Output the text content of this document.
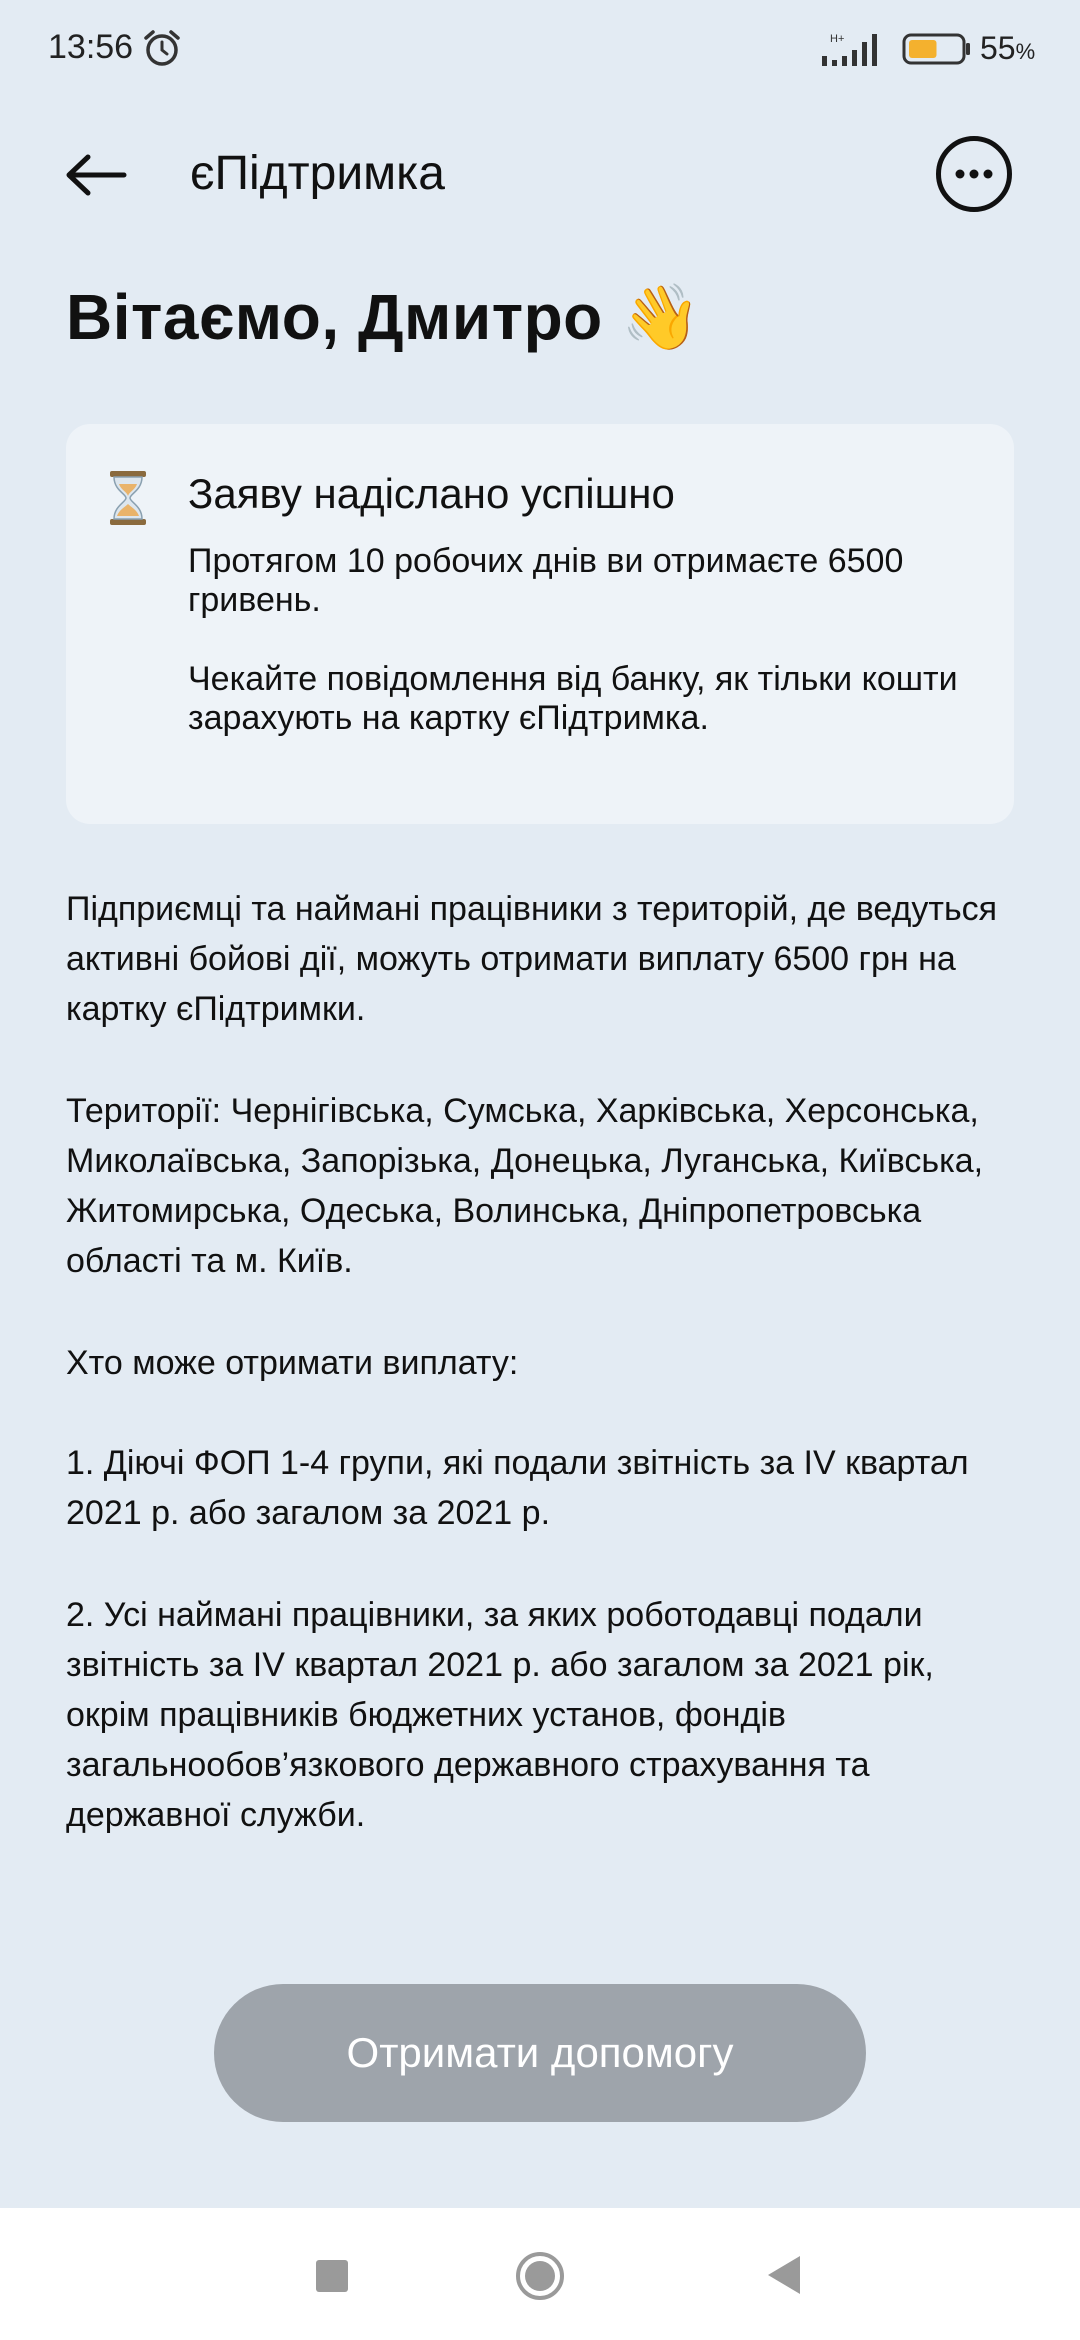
13:56	H+	55%
єПідтримка
Вітаємо, Дмитро 👋
Заяву надіслано успішно
Протягом 10 робочих днів ви отримаєте 6500 гривень.
Чекайте повідомлення від банку, як тільки кошти зарахують на картку єПідтримка.
Підприємці та наймані працівники з територій, де ведуться активні бойові дії, можуть отримати виплату 6500 грн на картку єПідтримки.
Території: Чернігівська, Сумська, Харківська, Херсонська, Миколаївська, Запорізька, Донецька, Луганська, Київська, Житомирська, Одеська, Волинська, Дніпропетровська області та м. Київ.
Хто може отримати виплату:
1. Діючі ФОП 1-4 групи, які подали звітність за IV квартал 2021 р. або загалом за 2021 р.
2. Усі наймані працівники, за яких роботодавці подали звітність за IV квартал 2021 р. або загалом за 2021 рік, окрім працівників бюджетних установ, фондів загальнообов’язкового державного страхування та державної служби.
Отримати допомогу
